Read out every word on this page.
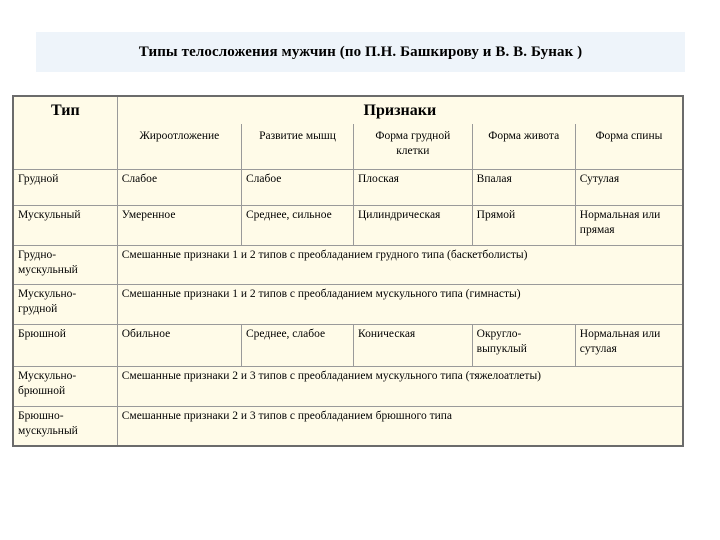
Типы телосложения мужчин (по П.Н. Башкирову и В. В. Бунак )
Тип	Признаки				
	Жироотложение	Развитие мышц	Форма грудной клетки	Форма живота	Форма спины
Грудной	Слабое	Слабое	Плоская	Впалая	Сутулая
Мускульный	Умеренное	Среднее, сильное	Цилиндрическая	Прямой	Нормальная или прямая
Грудно-мускульный	Смешанные признаки 1 и 2 типов с преобладанием грудного типа (баскетболисты)				
Мускульно-грудной	Смешанные признаки 1 и 2 типов с преобладанием мускульного типа (гимнасты)				
Брюшной	Обильное	Среднее, слабое	Коническая	Округло-выпуклый	Нормальная или сутулая
Мускульно-брюшной	Смешанные признаки 2 и 3 типов с преобладанием мускульного типа (тяжелоатлеты)				
Брюшно-мускульный	Смешанные признаки 2 и 3 типов с преобладанием брюшного типа				
